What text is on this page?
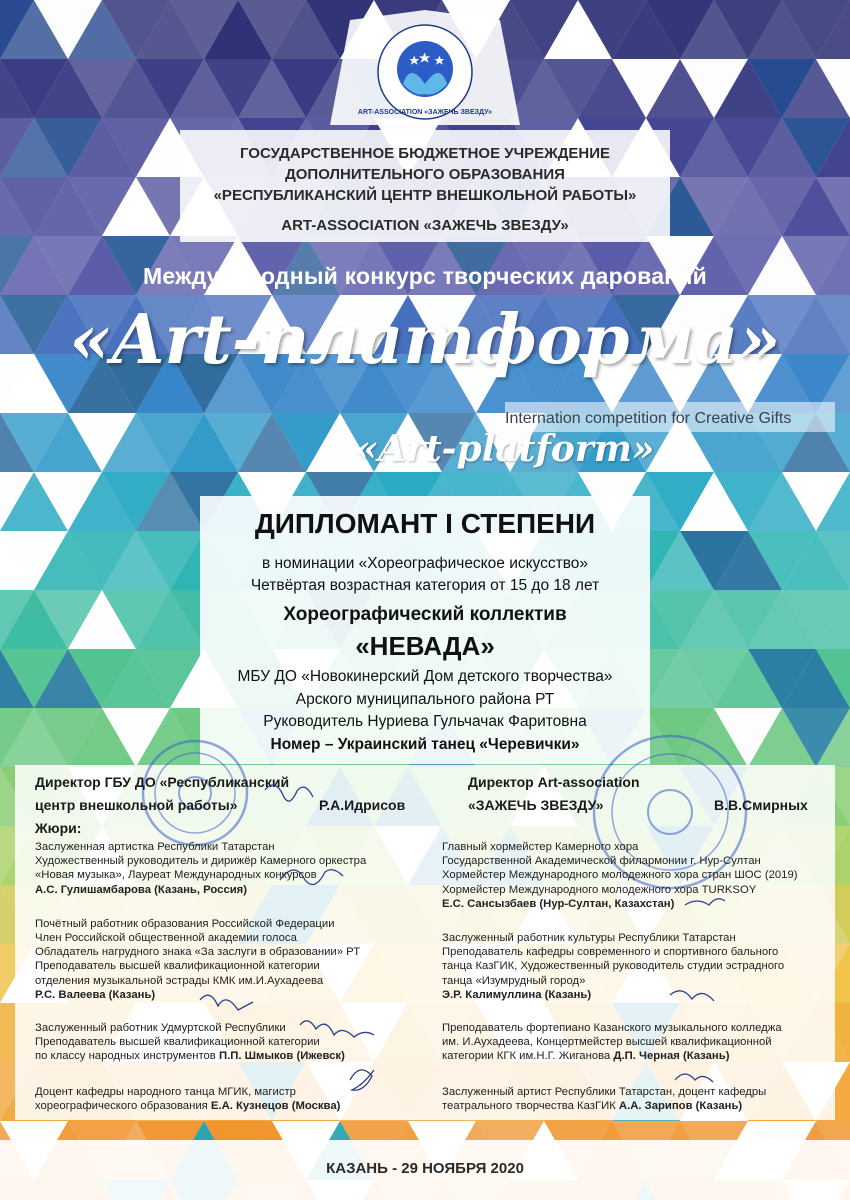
ART-ASSOCIATION «ЗАЖЕЧЬ ЗВЕЗДУ»
ГОСУДАРСТВЕННОЕ БЮДЖЕТНОЕ УЧРЕЖДЕНИЕ
ДОПОЛНИТЕЛЬНОГО ОБРАЗОВАНИЯ
«РЕСПУБЛИКАНСКИЙ ЦЕНТР ВНЕШКОЛЬНОЙ РАБОТЫ»
ART-ASSOCIATION «ЗАЖЕЧЬ ЗВЕЗДУ»
Международный конкурс творческих дарований
«Art-платформа»
Internation competition for Creative Gifts
«Art-platform»
ДИПЛОМАНТ I СТЕПЕНИ
в номинации «Хореографическое искусство»
Четвёртая возрастная категория от 15 до 18 лет
Хореографический коллектив
«НЕВАДА»
МБУ ДО «Новокинерский Дом детского творчества»
Арского муниципального района РТ
Руководитель Нуриева Гульчачак Фаритовна
Номер – Украинский танец «Черевички»
Директор ГБУ ДО «Республиканский
центр внешкольной работы»	Р.А.Идрисов
Директор Art-association
«ЗАЖЕЧЬ ЗВЕЗДУ»	В.В.Смирных
Жюри:
Заслуженная артистка Республики Татарстан
Художественный руководитель и дирижёр Камерного оркестра
«Новая музыка», Лауреат Международных конкурсов
А.С. Гулишамбарова (Казань, Россия)
Почётный работник образования Российской Федерации
Член Российской общественной академии голоса
Обладатель нагрудного знака «За заслуги в образовании» РТ
Преподаватель высшей квалификационной категории
отделения музыкальной эстрады КМК им.И.Аухадеева
Р.С. Валеева (Казань)
Заслуженный работник Удмуртской Республики
Преподаватель высшей квалификационной категории
по классу народных инструментов П.П. Шмыков (Ижевск)
Доцент кафедры народного танца МГИК, магистр
хореографического образования Е.А. Кузнецов (Москва)
Главный хормейстер Камерного хора
Государственной Академической филармонии г. Нур-Султан
Хормейстер Международного молодежного хора стран ШОС (2019)
Хормейстер Международного молодежного хора TURKSOY
Е.С. Сансызбаев (Нур-Султан, Казахстан)
Заслуженный работник культуры Республики Татарстан
Преподаватель кафедры современного и спортивного бального
танца КазГИК, Художественный руководитель студии эстрадного
танца «Изумрудный город»
Э.Р. Калимуллина (Казань)
Преподаватель фортепиано Казанского музыкального колледжа
им. И.Аухадеева, Концертмейстер высшей квалификационной
категории КГК им.Н.Г. Жиганова Д.П. Черная (Казань)
Заслуженный артист Республики Татарстан, доцент кафедры
театрального творчества КазГИК А.А. Зарипов (Казань)
КАЗАНЬ - 29 НОЯБРЯ 2020
